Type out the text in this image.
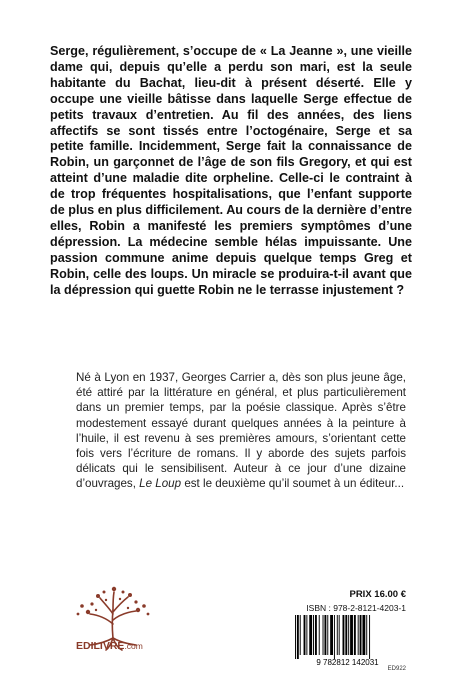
Serge, régulièrement, s’occupe de « La Jeanne », une vieille dame qui, depuis qu’elle a perdu son mari, est la seule habitante du Bachat, lieu-dit à présent déserté. Elle y occupe une vieille bâtisse dans laquelle Serge effectue de petits travaux d’entretien. Au fil des années, des liens affectifs se sont tissés entre l’octogénaire, Serge et sa petite famille. Incidemment, Serge fait la connaissance de Robin, un garçonnet de l’âge de son fils Gregory, et qui est atteint d’une maladie dite orpheline. Celle-ci le contraint à de trop fréquentes hospitalisations, que l’enfant supporte de plus en plus difficilement. Au cours de la dernière d’entre elles, Robin a manifesté les premiers symptômes d’une dépression. La médecine semble hélas impuissante. Une passion commune anime depuis quelque temps Greg et Robin, celle des loups. Un miracle se produira-t-il avant que la dépression qui guette Robin ne le terrasse injustement ?

Né à Lyon en 1937, Georges Carrier a, dès son plus jeune âge, été attiré par la littérature en général, et plus particulièrement dans un premier temps, par la poésie classique. Après s’être modestement essayé durant quelques années à la peinture à l’huile, il est revenu à ses premières amours, s’orientant cette fois vers l’écriture de romans. Il y aborde des sujets parfois délicats qui le sensibilisent. Auteur à ce jour d’une dizaine d’ouvrages, Le Loup est le deuxième qu’il soumet à un éditeur...

EDILIVRE.com
PRIX 16.00 €
ISBN : 978-2-8121-4203-1
9 782812 142031
ED922
